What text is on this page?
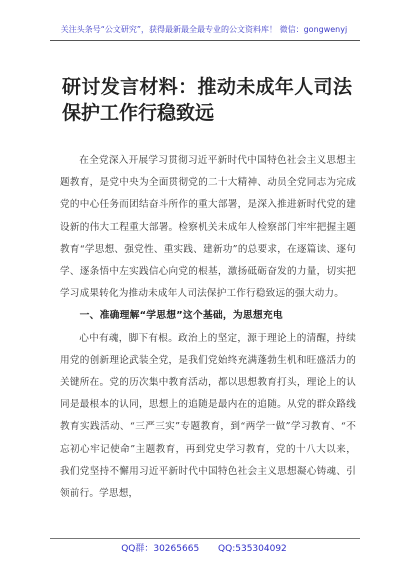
关注头条号“公文研究”，获得最新最全最专业的公文资料库！ 微信：gongwenyj
研讨发言材料：推动未成年人司法保护工作行稳致远

在全党深入开展学习贯彻习近平新时代中国特色社会主义思想主题教育，是党中央为全面贯彻党的二十大精神、动员全党同志为完成党的中心任务而团结奋斗所作的重大部署，是深入推进新时代党的建设新的伟大工程重大部署。检察机关未成年人检察部门牢牢把握主题教育“学思想、强党性、重实践、建新功”的总要求，在逐篇读、逐句学、逐条悟中左实践信心向党的根基，激扬砥砺奋发的力量，切实把学习成果转化为推动未成年人司法保护工作行稳致远的强大动力。

一、准确理解“学思想”这个基础，为思想充电

心中有魂，脚下有根。政治上的坚定，源于理论上的清醒，持续用党的创新理论武装全党，是我们党始终充满蓬勃生机和旺盛活力的关键所在。党的历次集中教育活动，都以思想教育打头，理论上的认同是最根本的认同，思想上的追随是最内在的追随。从党的群众路线教育实践活动、“三严三实”专题教育，到“两学一做”学习教育、“不忘初心牢记使命”主题教育，再到党史学习教育，党的十八大以来，我们党坚持不懈用习近平新时代中国特色社会主义思想凝心铸魂、引领前行。学思想，

QQ群：30265665 QQ:535304092
